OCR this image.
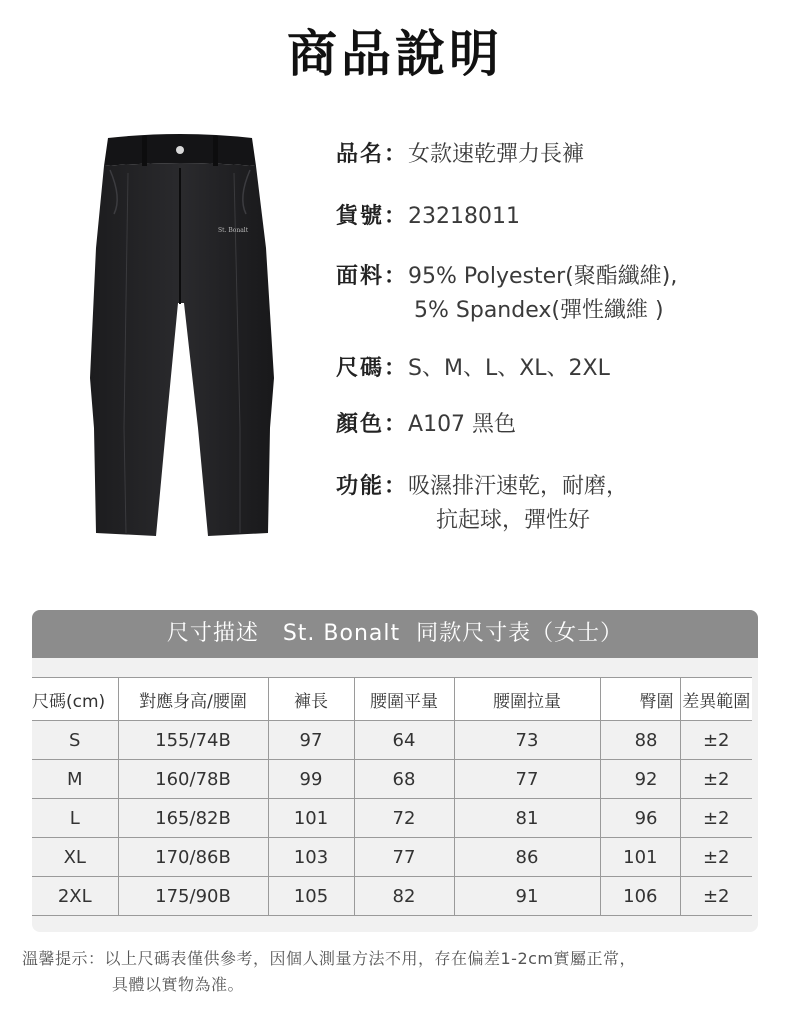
商品說明
St. Bonalt
品名：女款速乾彈力長褲
貨號：23218011
面料：95% Polyester(聚酯纖維),
5% Spandex(彈性纖維 )
尺碼：S、M、L、XL、2XL
顏色：A107 黑色
功能：吸濕排汗速乾，耐磨，
抗起球，彈性好
尺寸描述   St. Bonalt  同款尺寸表（女士）
尺碼(cm)	對應身高/腰圍	褲長	腰圍平量	腰圍拉量	臀圍	差異範圍
S	155/74B	97	64	73	88	±2
M	160/78B	99	68	77	92	±2
L	165/82B	101	72	81	96	±2
XL	170/86B	103	77	86	101	±2
2XL	175/90B	105	82	91	106	±2
溫馨提示：以上尺碼表僅供參考，因個人測量方法不用，存在偏差1-2cm實屬正常，
具體以實物為准。
